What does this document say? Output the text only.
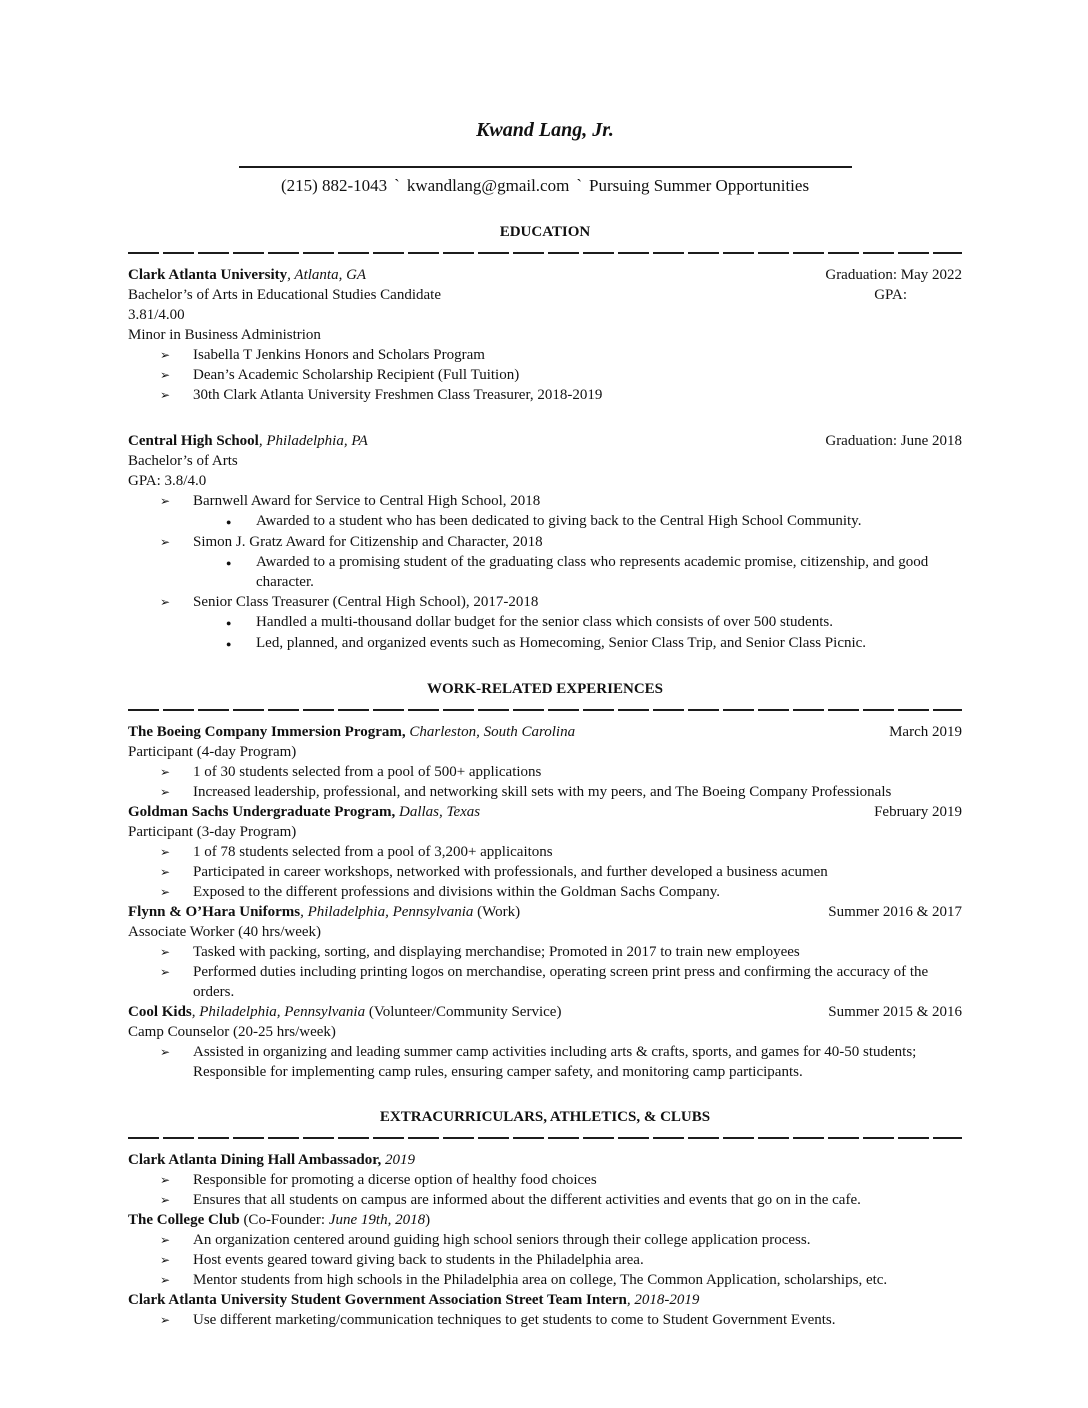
Kwand Lang, Jr.
(215) 882-1043 ` kwandlang@gmail.com ` Pursuing Summer Opportunities
EDUCATION
Clark Atlanta University, Atlanta, GA	Graduation: May 2022
Bachelor’s of Arts in Educational Studies Candidate	GPA:
3.81/4.00
Minor in Business Administrion
➢	Isabella T Jenkins Honors and Scholars Program
➢	Dean’s Academic Scholarship Recipient (Full Tuition)
➢	30th Clark Atlanta University Freshmen Class Treasurer, 2018-2019
Central High School, Philadelphia, PA	Graduation: June 2018
Bachelor’s of Arts
GPA: 3.8/4.0
➢	Barnwell Award for Service to Central High School, 2018
●	Awarded to a student who has been dedicated to giving back to the Central High School Community.
➢	Simon J. Gratz Award for Citizenship and Character, 2018
●	Awarded to a promising student of the graduating class who represents academic promise, citizenship, and good character.
➢	Senior Class Treasurer (Central High School), 2017-2018
●	Handled a multi-thousand dollar budget for the senior class which consists of over 500 students.
●	Led, planned, and organized events such as Homecoming, Senior Class Trip, and Senior Class Picnic.
WORK-RELATED EXPERIENCES
The Boeing Company Immersion Program, Charleston, South Carolina	March 2019
Participant (4-day Program)
➢	1 of 30 students selected from a pool of 500+ applications
➢	Increased leadership, professional, and networking skill sets with my peers, and The Boeing Company Professionals
Goldman Sachs Undergraduate Program, Dallas, Texas	February 2019
Participant (3-day Program)
➢	1 of 78 students selected from a pool of 3,200+ applicaitons
➢	Participated in career workshops, networked with professionals, and further developed a business acumen
➢	Exposed to the different professions and divisions within the Goldman Sachs Company.
Flynn & O’Hara Uniforms, Philadelphia, Pennsylvania (Work)	Summer 2016 & 2017
Associate Worker (40 hrs/week)
➢	Tasked with packing, sorting, and displaying merchandise; Promoted in 2017 to train new employees
➢	Performed duties including printing logos on merchandise, operating screen print press and confirming the accuracy of the orders.
Cool Kids, Philadelphia, Pennsylvania (Volunteer/Community Service)	Summer 2015 & 2016
Camp Counselor (20-25 hrs/week)
➢	Assisted in organizing and leading summer camp activities including arts & crafts, sports, and games for 40-50 students; Responsible for implementing camp rules, ensuring camper safety, and monitoring camp participants.
EXTRACURRICULARS, ATHLETICS, & CLUBS
Clark Atlanta Dining Hall Ambassador, 2019
➢	Responsible for promoting a dicerse option of healthy food choices
➢	Ensures that all students on campus are informed about the different activities and events that go on in the cafe.
The College Club (Co-Founder: June 19th, 2018)
➢	An organization centered around guiding high school seniors through their college application process.
➢	Host events geared toward giving back to students in the Philadelphia area.
➢	Mentor students from high schools in the Philadelphia area on college, The Common Application, scholarships, etc.
Clark Atlanta University Student Government Association Street Team Intern, 2018-2019
➢	Use different marketing/communication techniques to get students to come to Student Government Events.
